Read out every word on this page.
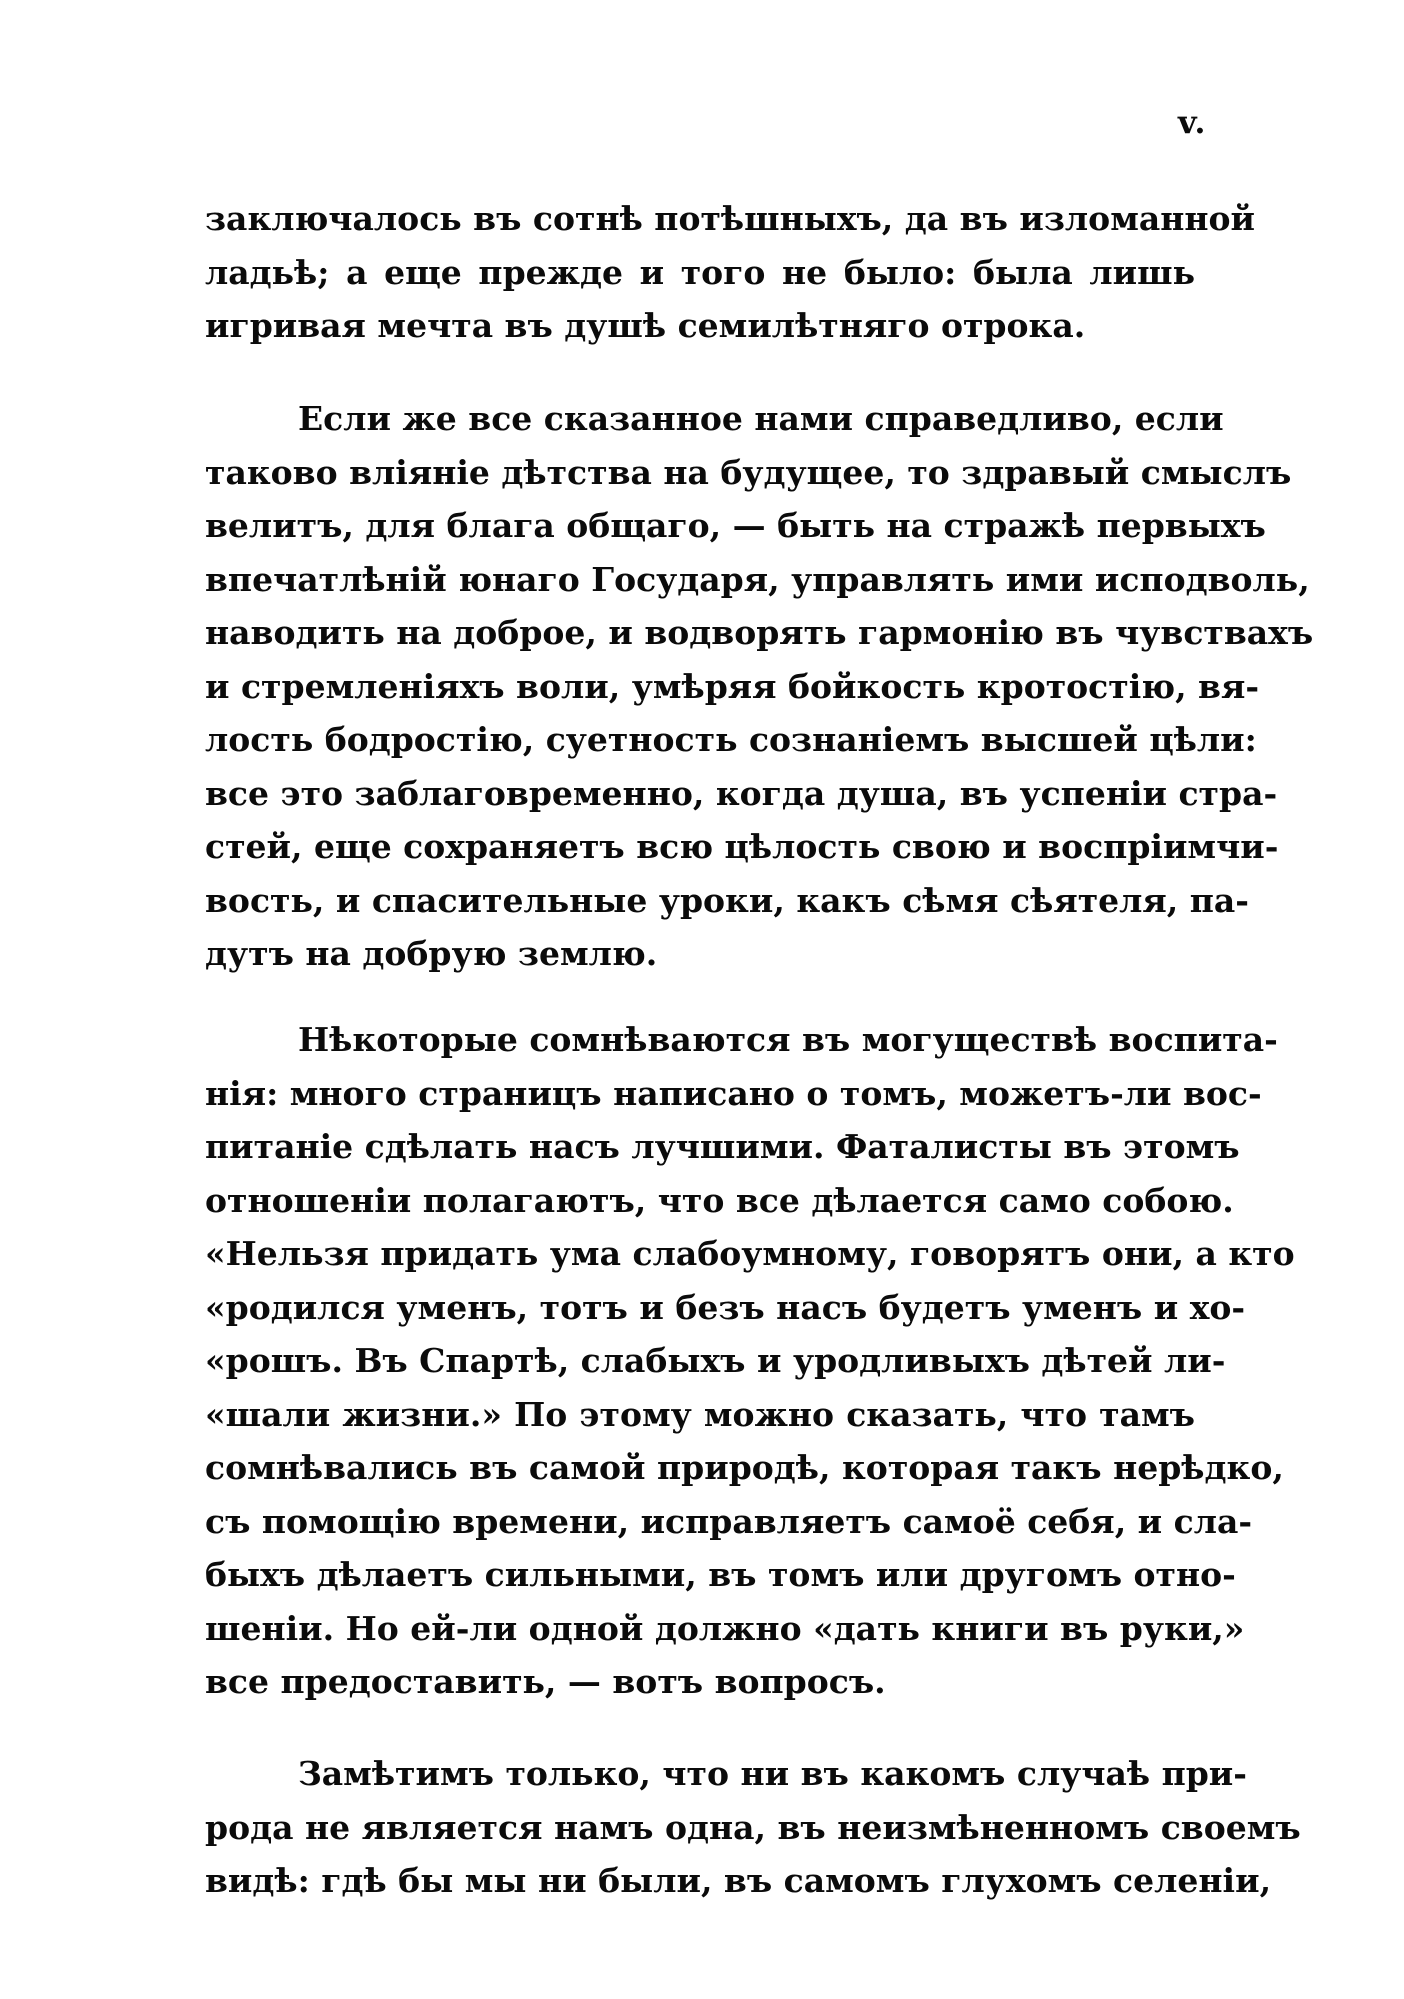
v.
заключалось въ сотнѣ потѣшныхъ, да въ изломанной
ладьѣ; а еще прежде и того не было: была лишь
игривая мечта въ душѣ семилѣтняго отрока.
Если же все сказанное нами справедливо, если
таково вліяніе дѣтства на будущее, то здравый смыслъ
велитъ, для блага общаго, — быть на стражѣ первыхъ
впечатлѣній юнаго Государя, управлять ими исподволь,
наводить на доброе, и водворять гармонію въ чувствахъ
и стремленіяхъ воли, умѣряя бойкость кротостію, вя-
лость бодростію, суетность сознаніемъ высшей цѣли:
все это заблаговременно, когда душа, въ успеніи стра-
стей, еще сохраняетъ всю цѣлость свою и воспріимчи-
вость, и спасительные уроки, какъ сѣмя сѣятеля, па-
дутъ на добрую землю.
Нѣкоторые сомнѣваются въ могуществѣ воспита-
нія: много страницъ написано о томъ, можетъ-ли вос-
питаніе сдѣлать насъ лучшими. Фаталисты въ этомъ
отношеніи полагаютъ, что все дѣлается само собою.
«Нельзя придать ума слабоумному, говорятъ они, а кто
«родился уменъ, тотъ и безъ насъ будетъ уменъ и хо-
«рошъ. Въ Спартѣ, слабыхъ и уродливыхъ дѣтей ли-
«шали жизни.» По этому можно сказать, что тамъ
сомнѣвались въ самой природѣ, которая такъ нерѣдко,
съ помощію времени, исправляетъ самоё себя, и сла-
быхъ дѣлаетъ сильными, въ томъ или другомъ отно-
шеніи. Но ей-ли одной должно «дать книги въ руки,»
все предоставить, — вотъ вопросъ.
Замѣтимъ только, что ни въ какомъ случаѣ при-
рода не является намъ одна, въ неизмѣненномъ своемъ
видѣ: гдѣ бы мы ни были, въ самомъ глухомъ селеніи,
